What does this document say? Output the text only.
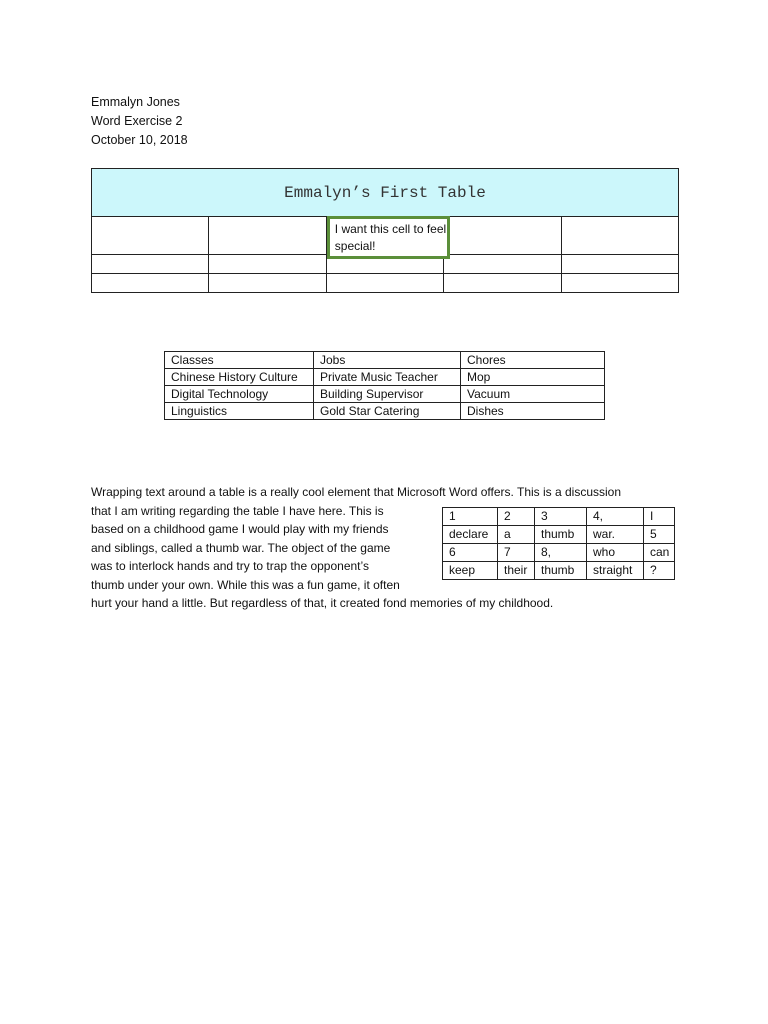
Emmalyn Jones
Word Exercise 2
October 10, 2018
Emmalyn’s First Table				

		I want this cell to feel special!		

Classes	Jobs	Chores
Chinese History Culture	Private Music Teacher	Mop
Digital Technology	Building Supervisor	Vacuum
Linguistics	Gold Star Catering	Dishes
Wrapping text around a table is a really cool element that Microsoft Word offers. This is a discussion
that I am writing regarding the table I have here. This is
based on a childhood game I would play with my friends
and siblings, called a thumb war. The object of the game
was to interlock hands and try to trap the opponent’s
thumb under your own. While this was a fun game, it often
hurt your hand a little. But regardless of that, it created fond memories of my childhood.
1	2	3	4,	I
declare	a	thumb	war.	5
6	7	8,	who	can
keep	their	thumb	straight	?
